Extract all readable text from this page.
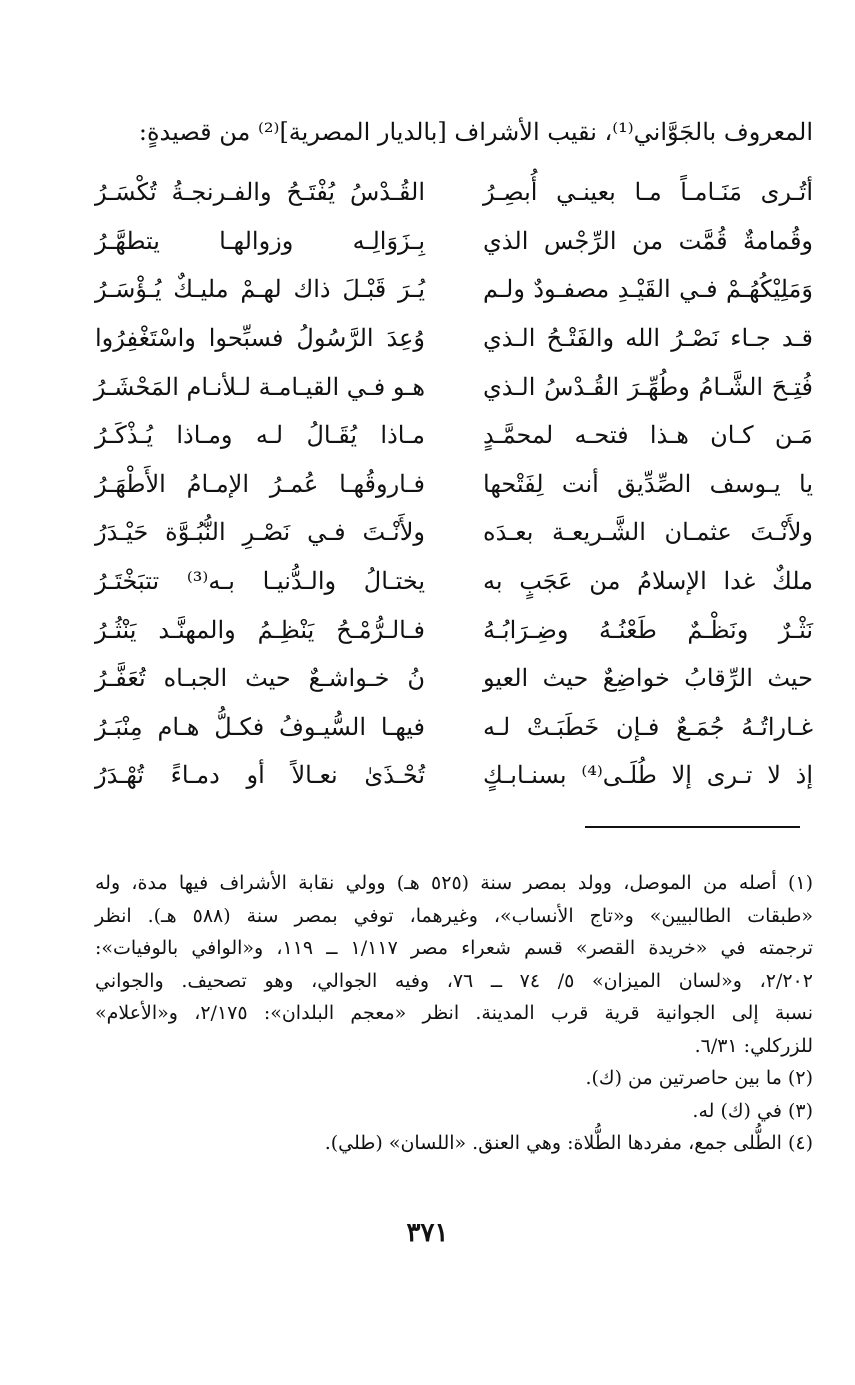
المعروف بالجَوَّاني⁽¹⁾، نقيب الأشراف [بالديار المصرية]⁽²⁾ من قصيدةٍ:
أتُـرى مَنَـامـاً مـا بعينـي أُبصِـرُ
القُـدْسُ يُفْتَـحُ والفـرنجـةُ تُكْسَـرُ
وقُمامةٌ قُمَّت من الرِّجْس الذي
بِـزَوَالِـه وزوالهـا يتطهَّـرُ
وَمَلِيْكُهُـمْ فـي القَيْـدِ مصفـودٌ ولـم
يُـرَ قَبْـلَ ذاك لهـمْ مليـكٌ يُـؤْسَـرُ
قـد جـاء نَصْـرُ الله والفَتْـحُ الـذي
وُعِدَ الرَّسُولُ فسبِّحوا واسْتَغْفِرُوا
فُتِـحَ الشَّـامُ وطُهِّـرَ القُـدْسُ الـذي
هـو فـي القيـامـة لـلأنـام المَحْشَـرُ
مَـن كـان هـذا فتحـه لمحمَّـدٍ
مـاذا يُقَـالُ لـه ومـاذا يُـذْكَـرُ
يا يـوسف الصِّدِّيق أنت لِفَتْحها
فـاروقُهـا عُمـرُ الإمـامُ الأَطْهَـرُ
ولأَنْـتَ عثمـان الشَّـريعـة بعـدَه
ولأَنْـتَ فـي نَصْـرِ النُّبُـوَّة حَيْـدَرُ
ملكٌ غدا الإسلامُ من عَجَبٍ به
يختـالُ والـدُّنيـا بـه⁽³⁾ تتبَخْتَـرُ
نَثْـرٌ ونَظْـمٌ طَعْنُـهُ وضِـرَابُـهُ
فـالـرُّمْـحُ يَنْظِـمُ والمهنَّـد يَنْثُـرُ
حيث الرِّقابُ خواضِعٌ حيث العيو
نُ خـواشـعٌ حيث الجبـاه تُعَفَّـرُ
غـاراتُـهُ جُمَـعٌ فـإن خَطَبَـتْ لـه
فيهـا السُّيـوفُ فكـلُّ هـام مِنْبَـرُ
إذ لا تـرى إلا طُلَـى⁽⁴⁾ بسنـابـكٍ
تُحْـذَىٰ نعـالاً أو دمـاءً تُهْـدَرُ

(١) أصله من الموصل، وولد بمصر سنة (٥٢٥ هـ) وولي نقابة الأشراف فيها مدة، وله
«طبقات الطالبيين» و«تاج الأنساب»، وغيرهما، توفي بمصر سنة (٥٨٨ هـ). انظر
ترجمته في «خريدة القصر» قسم شعراء مصر ١/١١٧ ــ ١١٩، و«الوافي بالوفيات»:
٢/٢٠٢، و«لسان الميزان» ٥/ ٧٤ ــ ٧٦، وفيه الجوالي، وهو تصحيف. والجواني
نسبة إلى الجوانية قرية قرب المدينة. انظر «معجم البلدان»: ٢/١٧٥، و«الأعلام»
للزركلي: ٦/٣١.

(٢) ما بين حاصرتين من (ك).

(٣) في (ك) له.

(٤) الطُّلى جمع، مفردها الطُّلاة: وهي العنق. «اللسان» (طلي).

٣٧١
